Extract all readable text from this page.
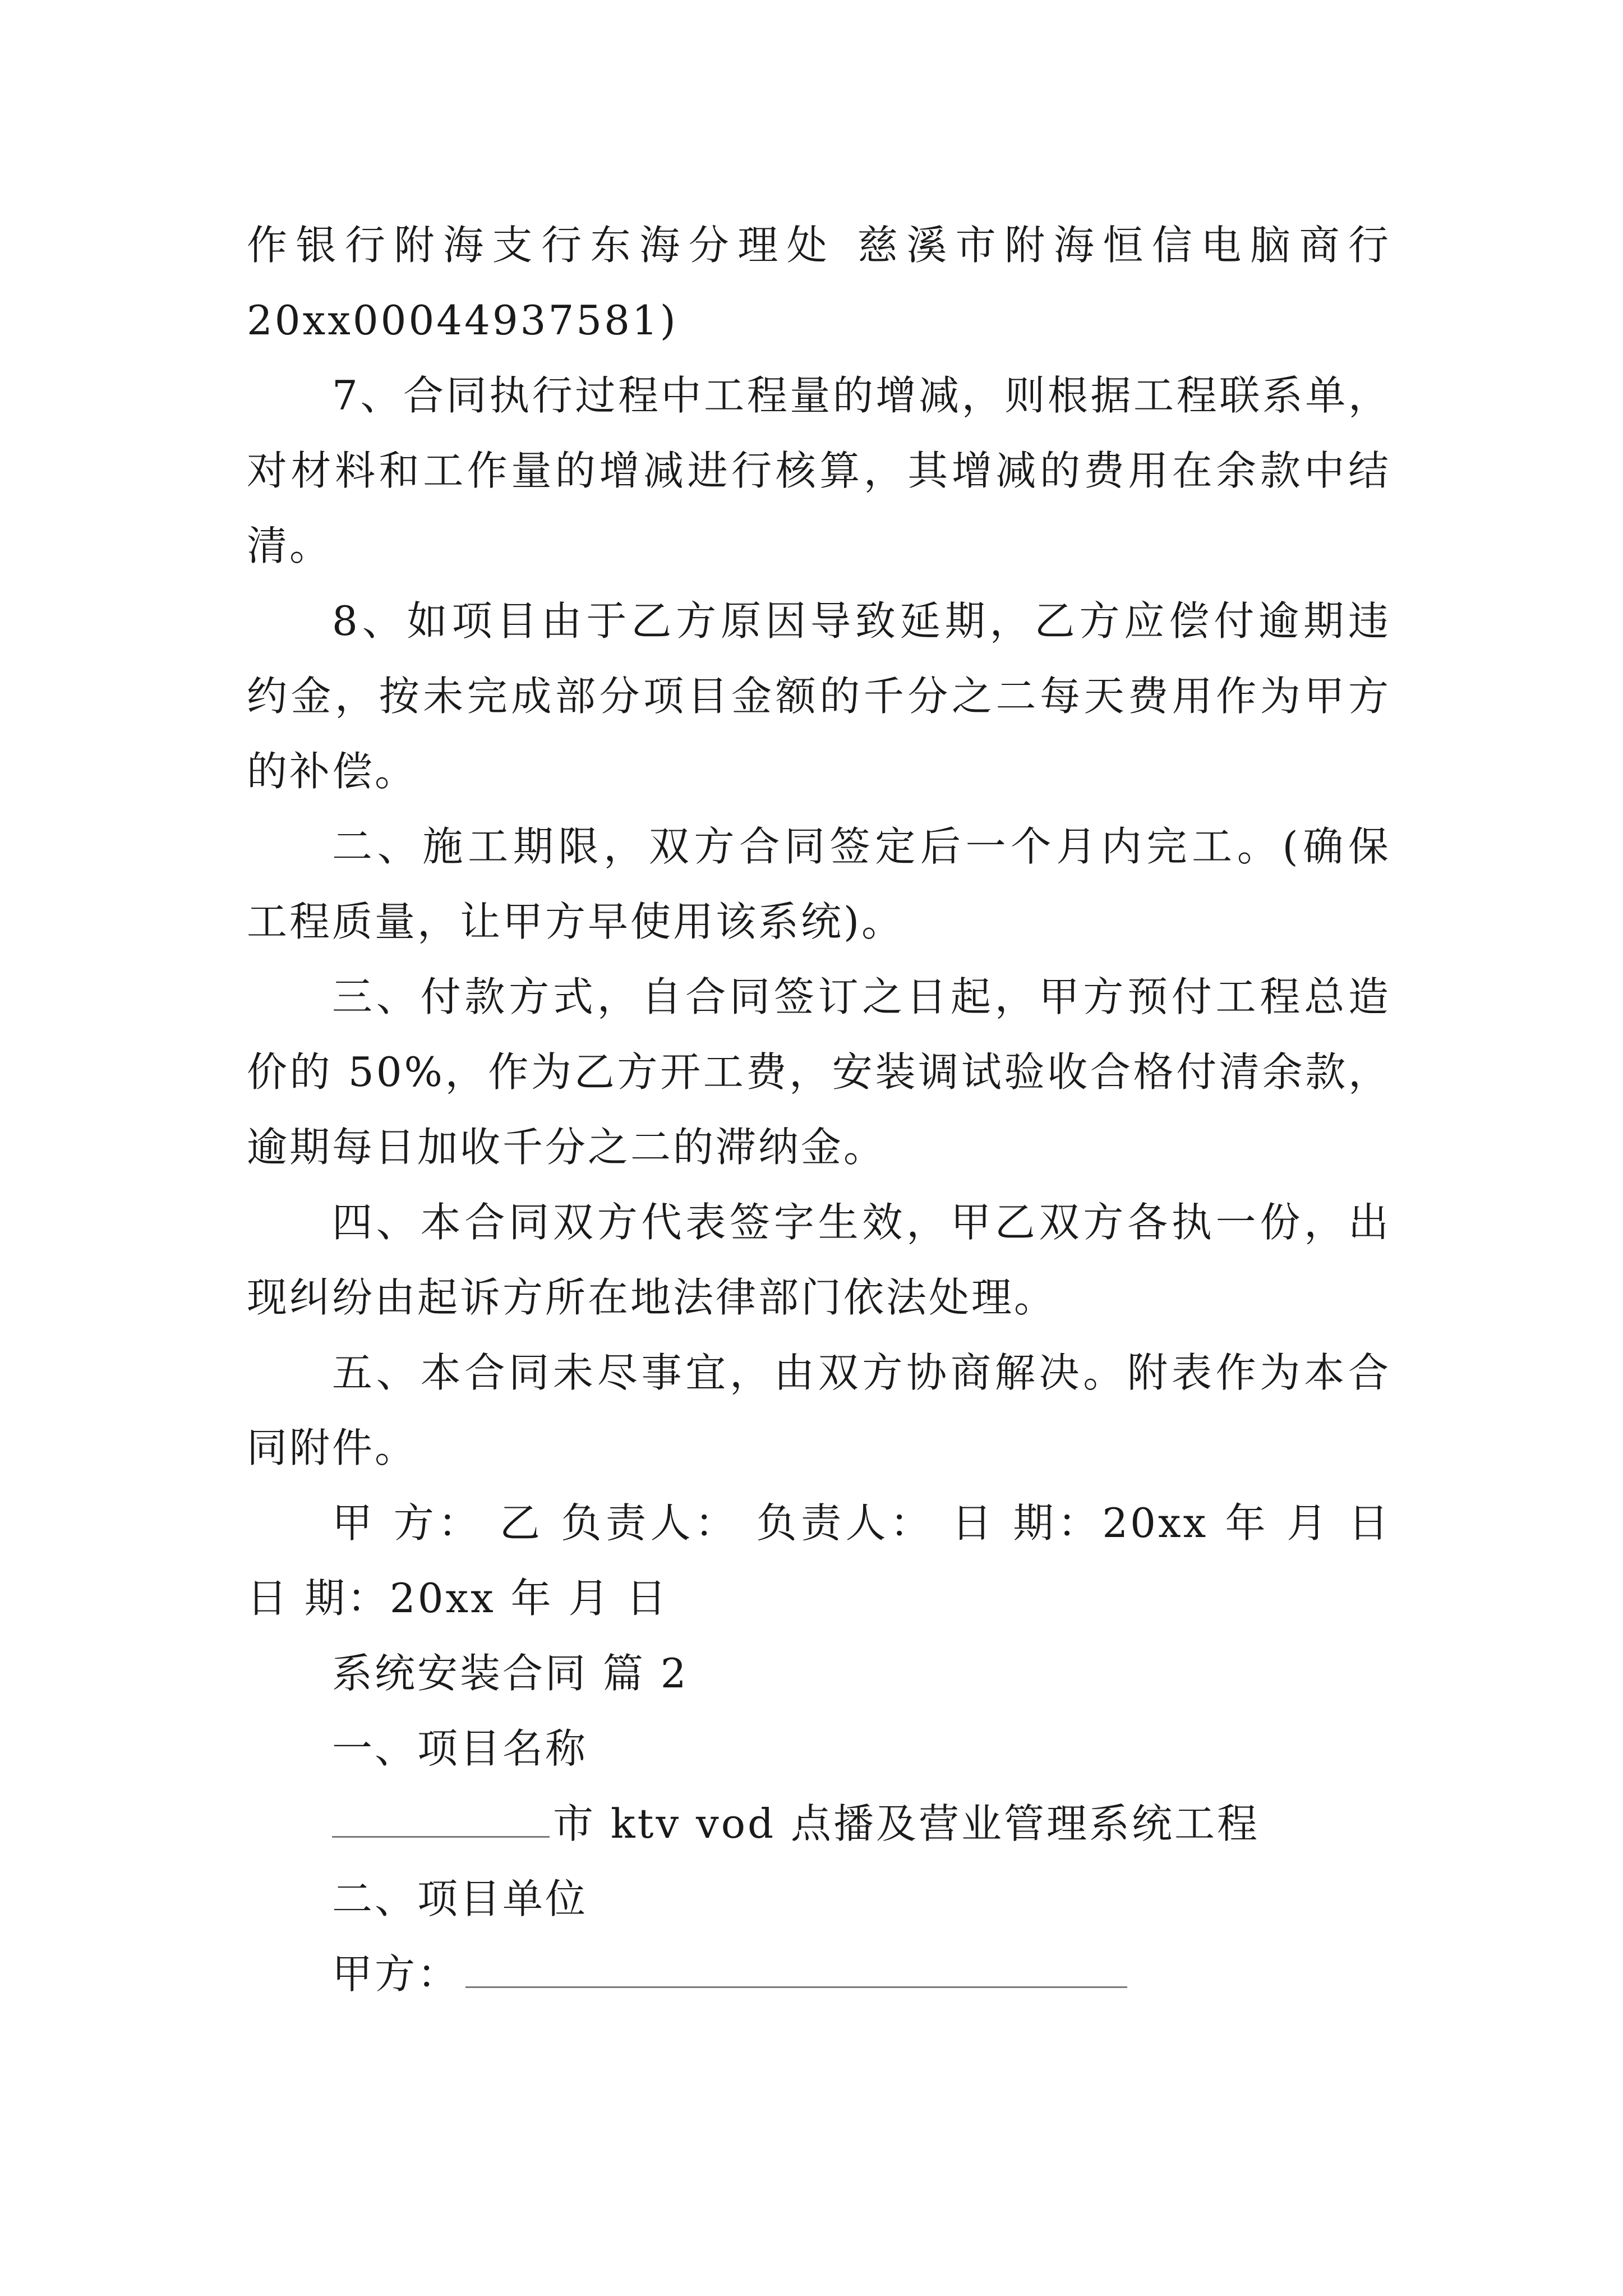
作银行附海支行东海分理处 慈溪市附海恒信电脑商行
20xx00044937581)
7、合同执行过程中工程量的增减，则根据工程联系单，
对材料和工作量的增减进行核算，其增减的费用在余款中结
清。
8、如项目由于乙方原因导致延期，乙方应偿付逾期违
约金，按未完成部分项目金额的千分之二每天费用作为甲方
的补偿。
二、施工期限，双方合同签定后一个月内完工。(确保
工程质量，让甲方早使用该系统)。
三、付款方式，自合同签订之日起，甲方预付工程总造
价的 50%，作为乙方开工费，安装调试验收合格付清余款，
逾期每日加收千分之二的滞纳金。
四、本合同双方代表签字生效，甲乙双方各执一份，出
现纠纷由起诉方所在地法律部门依法处理。
五、本合同未尽事宜，由双方协商解决。附表作为本合
同附件。
甲 方： 乙 负责人： 负责人： 日 期：20xx 年 月 日
日 期：20xx 年 月 日
系统安装合同 篇 2
一、项目名称
市 ktv vod 点播及营业管理系统工程
二、项目单位
甲方：
